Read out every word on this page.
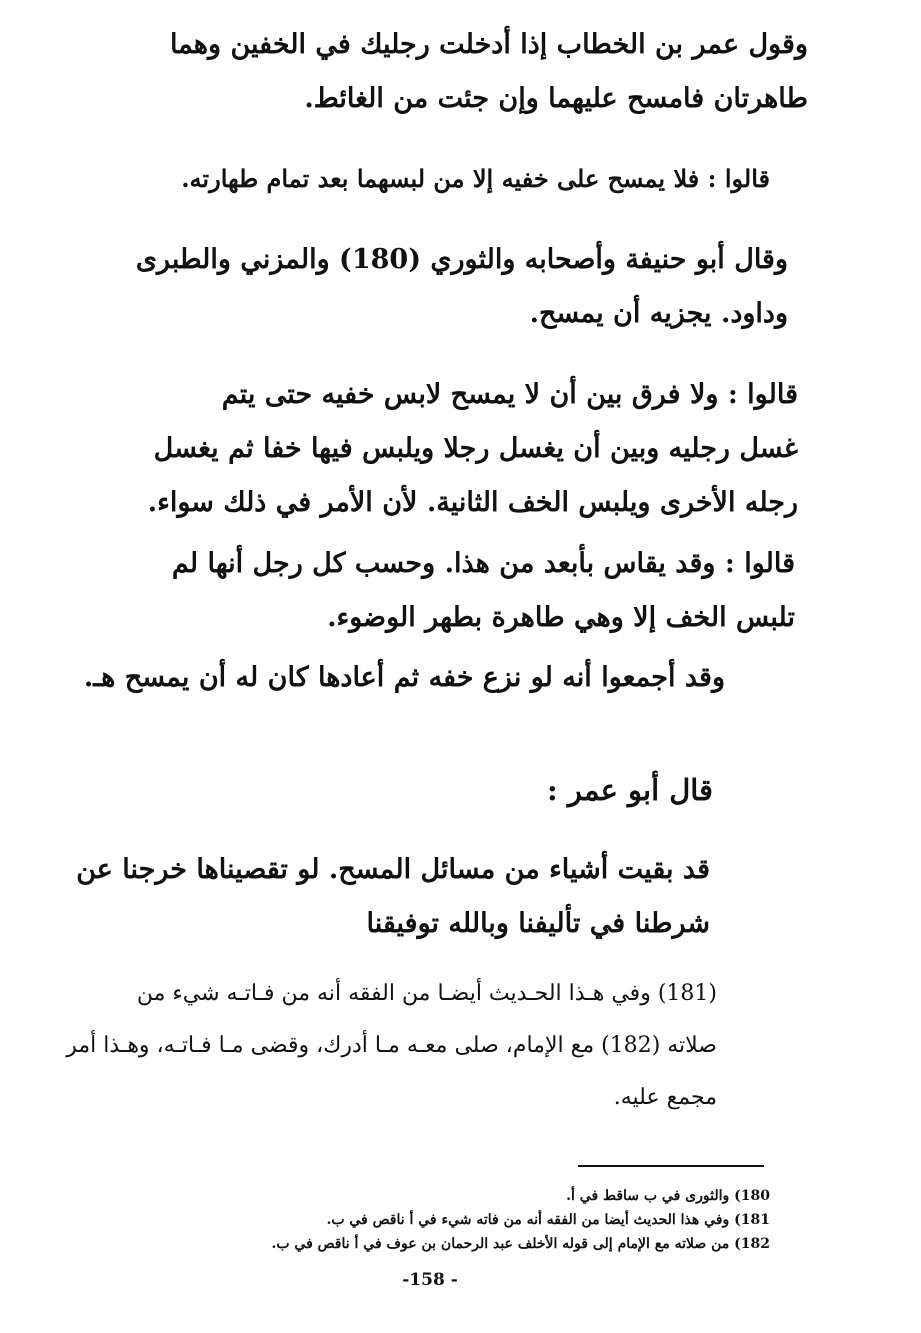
وقول عمر بن الخطاب إذا أدخلت رجليك في الخفين وهما
طاهرتان فامسح عليهما وإن جئت من الغائط.
قالوا : فلا يمسح على خفيه إلا من لبسهما بعد تمام طهارته.
وقال أبو حنيفة وأصحابه والثوري (180) والمزني والطبرى
وداود. يجزيه أن يمسح.
قالوا : ولا فرق بين أن لا يمسح لابس خفيه حتى يتم
غسل رجليه وبين أن يغسل رجلا ويلبس فيها خفا ثم يغسل
رجله الأخرى ويلبس الخف الثانية. لأن الأمر في ذلك سواء.
قالوا : وقد يقاس بأبعد من هذا. وحسب كل رجل أنها لم
تلبس الخف إلا وهي طاهرة بطهر الوضوء.
وقد أجمعوا أنه لو نزع خفه ثم أعادها كان له أن يمسح هـ.
قال أبو عمر :
قد بقيت أشياء من مسائل المسح. لو تقصيناها خرجنا عن
شرطنا في تأليفنا وبالله توفيقنا
(181) وفي هـذا الحـديث أيضـا من الفقه أنه من فـاتـه شيء من
صلاته (182) مع الإمام، صلى معـه مـا أدرك، وقضى مـا فـاتـه، وهـذا أمر
مجمع عليه.
180) والثورى في ب ساقط في أ.
181) وفي هذا الحديث أيضا من الفقه أنه من فاته شيء في أ ناقص في ب.
182) من صلاته مع الإمام إلى قوله الأخلف عبد الرحمان بن عوف في أ ناقص في ب.
-158 -
